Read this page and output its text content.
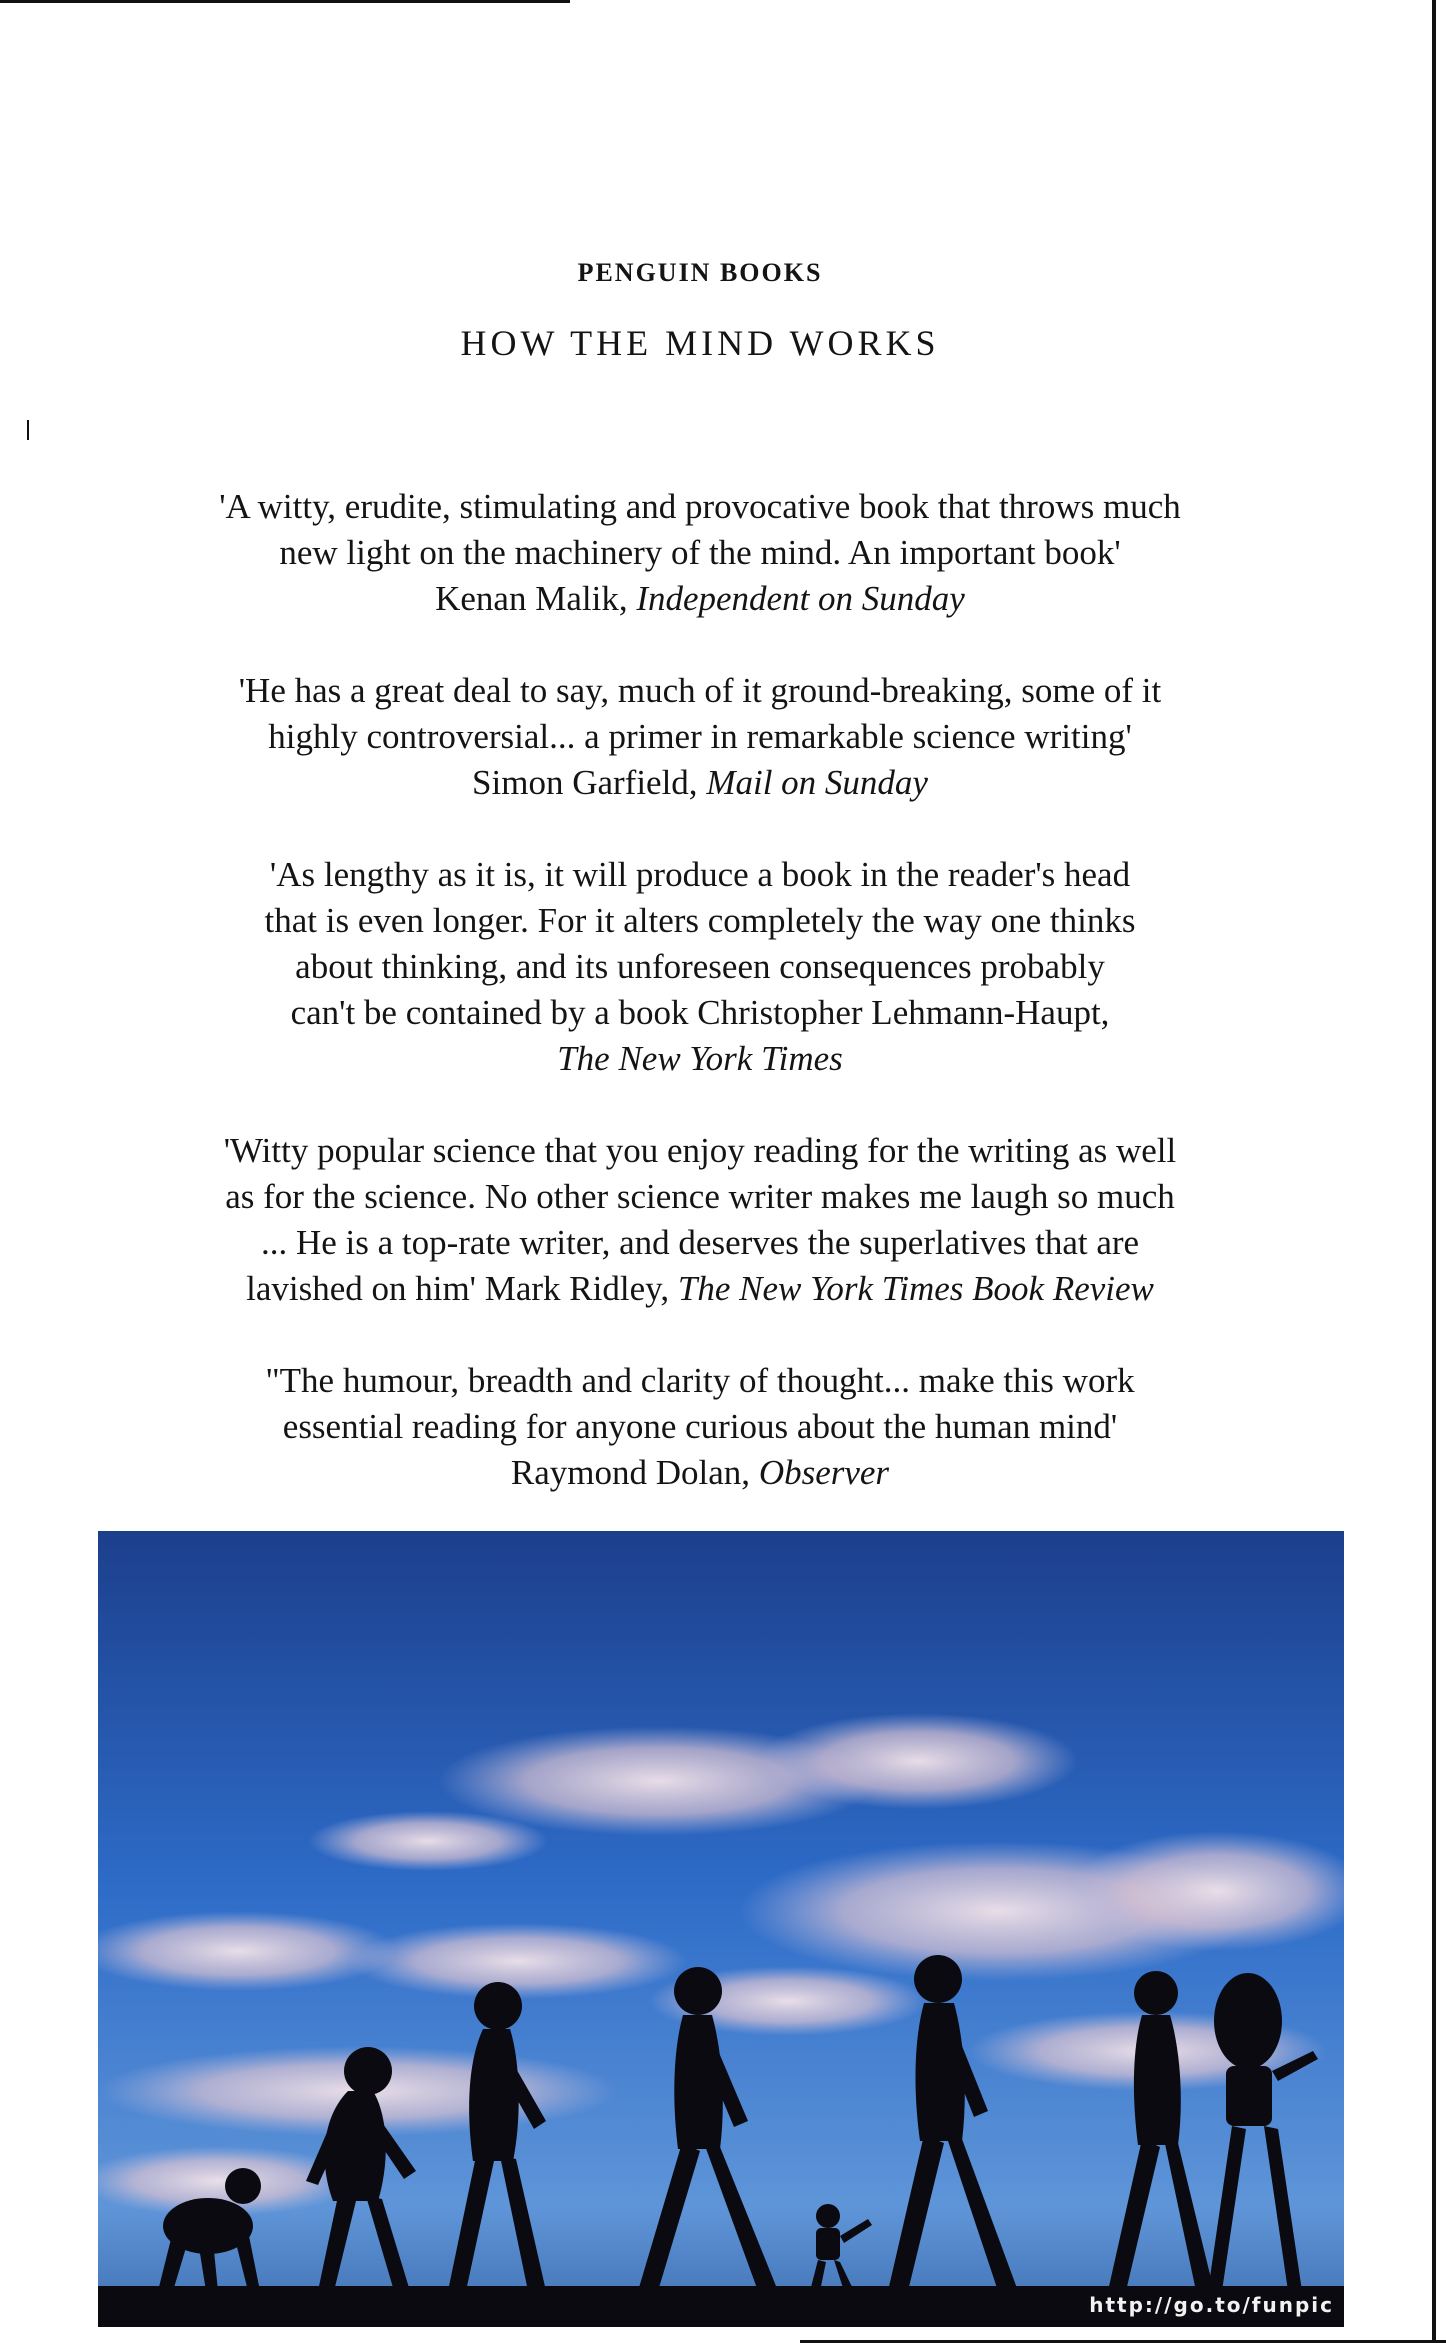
PENGUIN BOOKS
HOW THE MIND WORKS
'A witty, erudite, stimulating and provocative book that throws much
new light on the machinery of the mind. An important book'
Kenan Malik, Independent on Sunday
'He has a great deal to say, much of it ground-breaking, some of it
highly controversial... a primer in remarkable science writing'
Simon Garfield, Mail on Sunday
'As lengthy as it is, it will produce a book in the reader's head
that is even longer. For it alters completely the way one thinks
about thinking, and its unforeseen consequences probably
can't be contained by a book Christopher Lehmann-Haupt,
The New York Times
'Witty popular science that you enjoy reading for the writing as well
as for the science. No other science writer makes me laugh so much
... He is a top-rate writer, and deserves the superlatives that are
lavished on him' Mark Ridley, The New York Times Book Review
"The humour, breadth and clarity of thought... make this work
essential reading for anyone curious about the human mind'
Raymond Dolan, Observer
http://go.to/funpic
